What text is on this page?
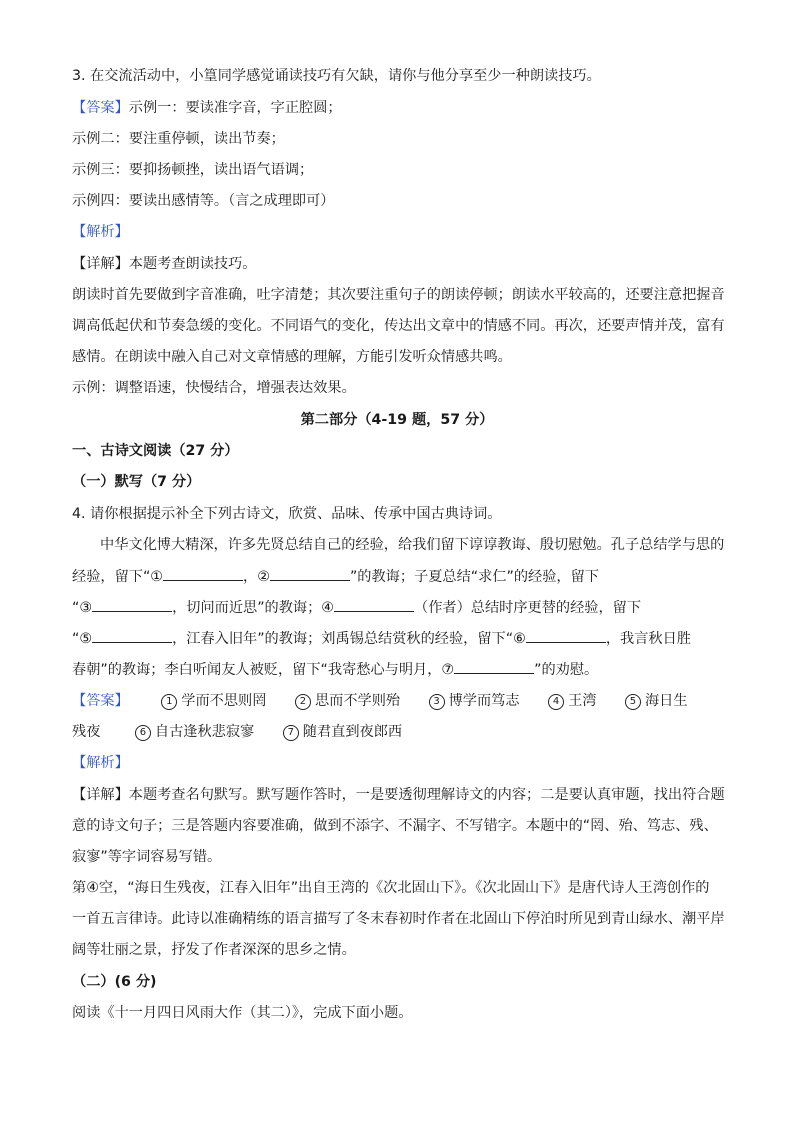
3. 在交流活动中，小篁同学感觉诵读技巧有欠缺，请你与他分享至少一种朗读技巧。
【答案】示例一：要读准字音，字正腔圆；
示例二：要注重停顿，读出节奏；
示例三：要抑扬顿挫，读出语气语调；
示例四：要读出感情等。（言之成理即可）
【解析】
【详解】本题考查朗读技巧。
朗读时首先要做到字音准确，吐字清楚；其次要注重句子的朗读停顿；朗读水平较高的，还要注意把握音
调高低起伏和节奏急缓的变化。不同语气的变化，传达出文章中的情感不同。再次，还要声情并茂，富有
感情。在朗读中融入自己对文章情感的理解，方能引发听众情感共鸣。
示例：调整语速，快慢结合，增强表达效果。
第二部分（4-19 题，57 分）
一、古诗文阅读（27 分）
（一）默写（7 分）
4. 请你根据提示补全下列古诗文，欣赏、品味、传承中国古典诗词。
中华文化博大精深，许多先贤总结自己的经验，给我们留下谆谆教诲、殷切慰勉。孔子总结学与思的
经验，留下“①	，②	”的教诲；子夏总结“求仁”的经验，留下
“③	，切问而近思”的教诲；④	（作者）总结时序更替的经验，留下
“⑤	，江春入旧年”的教诲；刘禹锡总结赏秋的经验，留下“⑥	，我言秋日胜
春朝”的教诲；李白听闻友人被贬，留下“我寄愁心与明月，⑦	”的劝慰。
【答案】	1 学而不思则罔	2 思而不学则殆	3 博学而笃志	4 王湾	5 海日生
残夜	6 自古逢秋悲寂寥	7 随君直到夜郎西
【解析】
【详解】本题考查名句默写。默写题作答时，一是要透彻理解诗文的内容；二是要认真审题，找出符合题
意的诗文句子；三是答题内容要准确，做到不添字、不漏字、不写错字。本题中的“罔、殆、笃志、残、
寂寥”等字词容易写错。
第④空，“海日生残夜，江春入旧年”出自王湾的《次北固山下》。《次北固山下》是唐代诗人王湾创作的
一首五言律诗。此诗以准确精练的语言描写了冬末春初时作者在北固山下停泊时所见到青山绿水、潮平岸
阔等壮丽之景，抒发了作者深深的思乡之情。
（二）(6 分)
阅读《十一月四日风雨大作（其二）》，完成下面小题。
